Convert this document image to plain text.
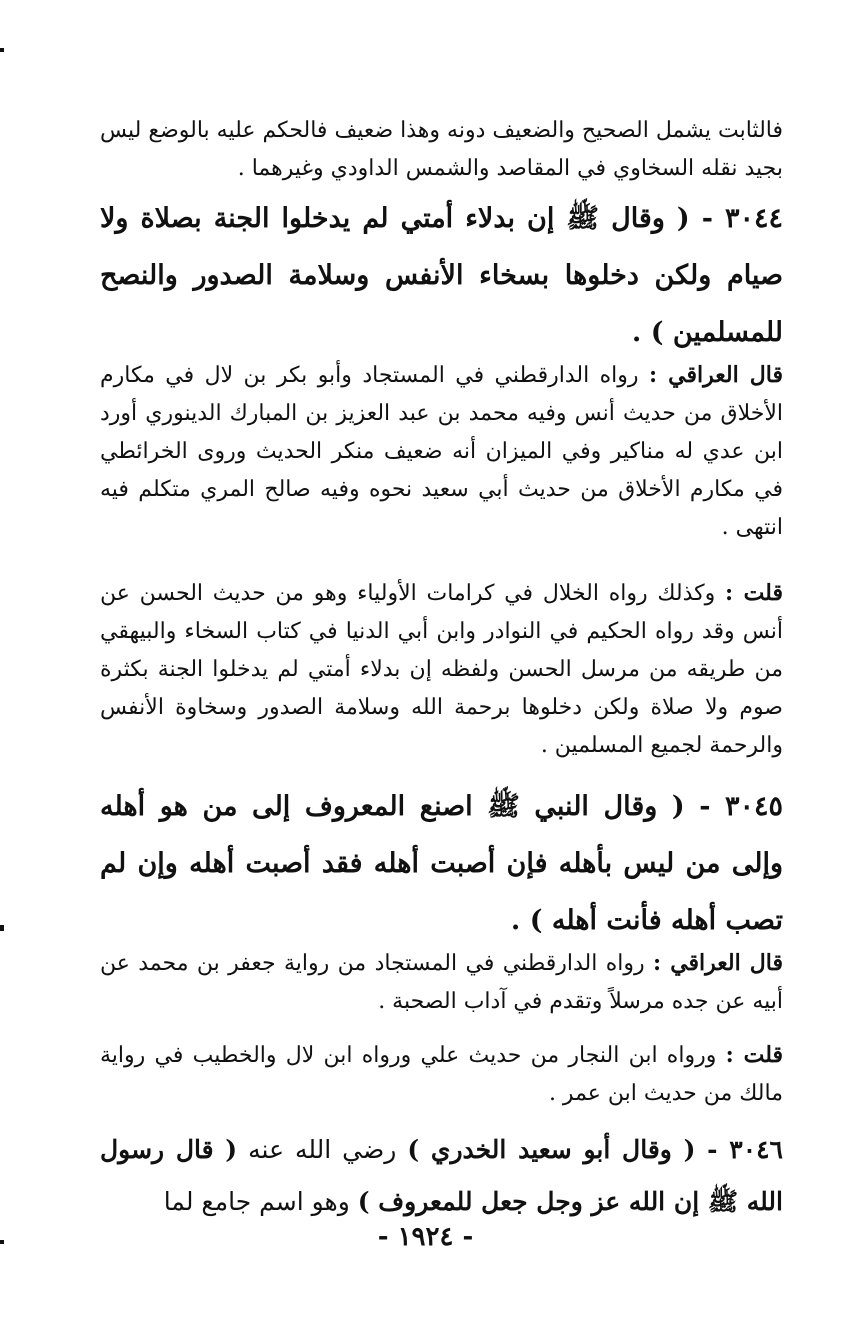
فالثابت يشمل الصحيح والضعيف دونه وهذا ضعيف فالحكم عليه بالوضع ليس بجيد نقله السخاوي في المقاصد والشمس الداودي وغيرهما .

٣٠٤٤ - ( وقال ﷺ إن بدلاء أمتي لم يدخلوا الجنة بصلاة ولا صيام ولكن دخلوها بسخاء الأنفس وسلامة الصدور والنصح للمسلمين ) .

قال العراقي : رواه الدارقطني في المستجاد وأبو بكر بن لال في مكارم الأخلاق من حديث أنس وفيه محمد بن عبد العزيز بن المبارك الدينوري أورد ابن عدي له مناكير وفي الميزان أنه ضعيف منكر الحديث وروى الخرائطي في مكارم الأخلاق من حديث أبي سعيد نحوه وفيه صالح المري متكلم فيه انتهى .

قلت : وكذلك رواه الخلال في كرامات الأولياء وهو من حديث الحسن عن أنس وقد رواه الحكيم في النوادر وابن أبي الدنيا في كتاب السخاء والبيهقي من طريقه من مرسل الحسن ولفظه إن بدلاء أمتي لم يدخلوا الجنة بكثرة صوم ولا صلاة ولكن دخلوها برحمة الله وسلامة الصدور وسخاوة الأنفس والرحمة لجميع المسلمين .

٣٠٤٥ - ( وقال النبي ﷺ اصنع المعروف إلى من هو أهله وإلى من ليس بأهله فإن أصبت أهله فقد أصبت أهله وإن لم تصب أهله فأنت أهله ) .

قال العراقي : رواه الدارقطني في المستجاد من رواية جعفر بن محمد عن أبيه عن جده مرسلاً وتقدم في آداب الصحبة .

قلت : ورواه ابن النجار من حديث علي ورواه ابن لال والخطيب في رواية مالك من حديث ابن عمر .

٣٠٤٦ - ( وقال أبو سعيد الخدري ) رضي الله عنه ( قال رسول الله ﷺ إن الله عز وجل جعل للمعروف ) وهو اسم جامع لما

- ١٩٢٤ -
